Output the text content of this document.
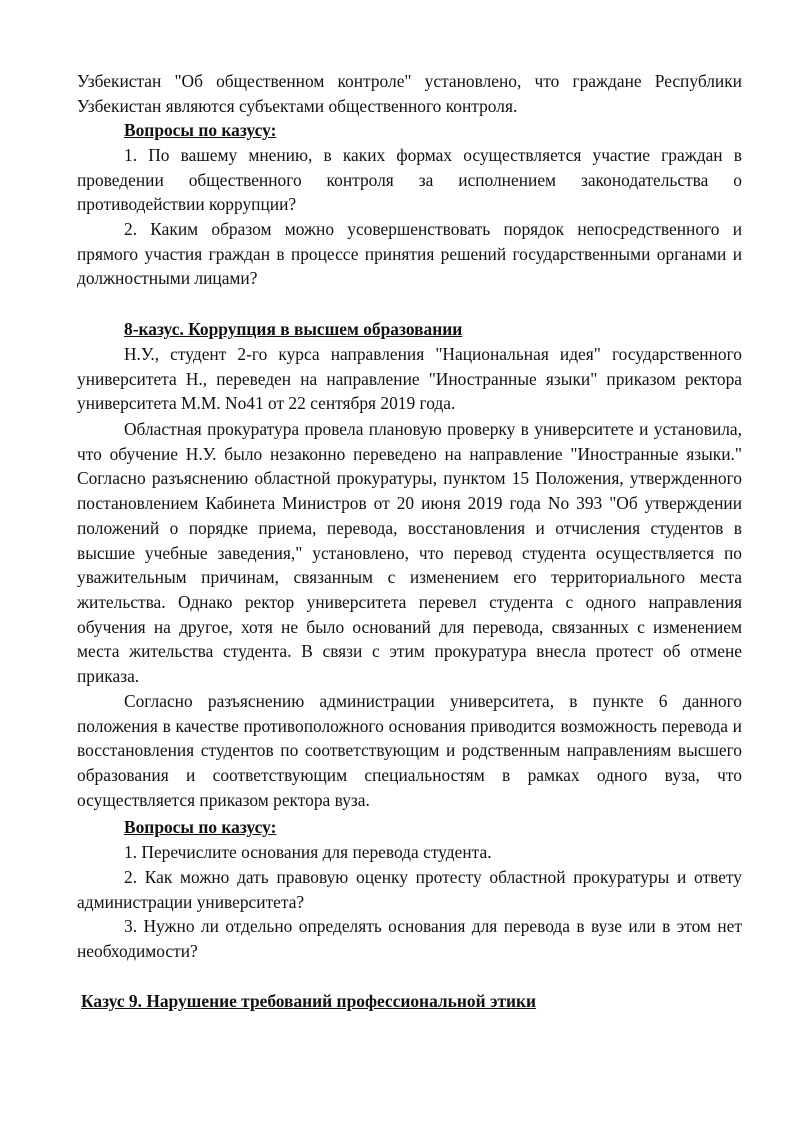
Узбекистан "Об общественном контроле" установлено, что граждане Республики Узбекистан являются субъектами общественного контроля.

Вопросы по казусу:

1. По вашему мнению, в каких формах осуществляется участие граждан в проведении общественного контроля за исполнением законодательства о противодействии коррупции?

2. Каким образом можно усовершенствовать порядок непосредственного и прямого участия граждан в процессе принятия решений государственными органами и должностными лицами?

8-казус. Коррупция в высшем образовании

Н.У., студент 2-го курса направления "Национальная идея" государственного университета Н., переведен на направление "Иностранные языки" приказом ректора университета М.М. No41 от 22 сентября 2019 года.

Областная прокуратура провела плановую проверку в университете и установила, что обучение Н.У. было незаконно переведено на направление "Иностранные языки." Согласно разъяснению областной прокуратуры, пунктом 15 Положения, утвержденного постановлением Кабинета Министров от 20 июня 2019 года No 393 "Об утверждении положений о порядке приема, перевода, восстановления и отчисления студентов в высшие учебные заведения," установлено, что перевод студента осуществляется по уважительным причинам, связанным с изменением его территориального места жительства. Однако ректор университета перевел студента с одного направления обучения на другое, хотя не было оснований для перевода, связанных с изменением места жительства студента. В связи с этим прокуратура внесла протест об отмене приказа.

Согласно разъяснению администрации университета, в пункте 6 данного положения в качестве противоположного основания приводится возможность перевода и восстановления студентов по соответствующим и родственным направлениям высшего образования и соответствующим специальностям в рамках одного вуза, что осуществляется приказом ректора вуза.

Вопросы по казусу:

1. Перечислите основания для перевода студента.

2. Как можно дать правовую оценку протесту областной прокуратуры и ответу администрации университета?

3. Нужно ли отдельно определять основания для перевода в вузе или в этом нет необходимости?

Казус 9. Нарушение требований профессиональной этики
